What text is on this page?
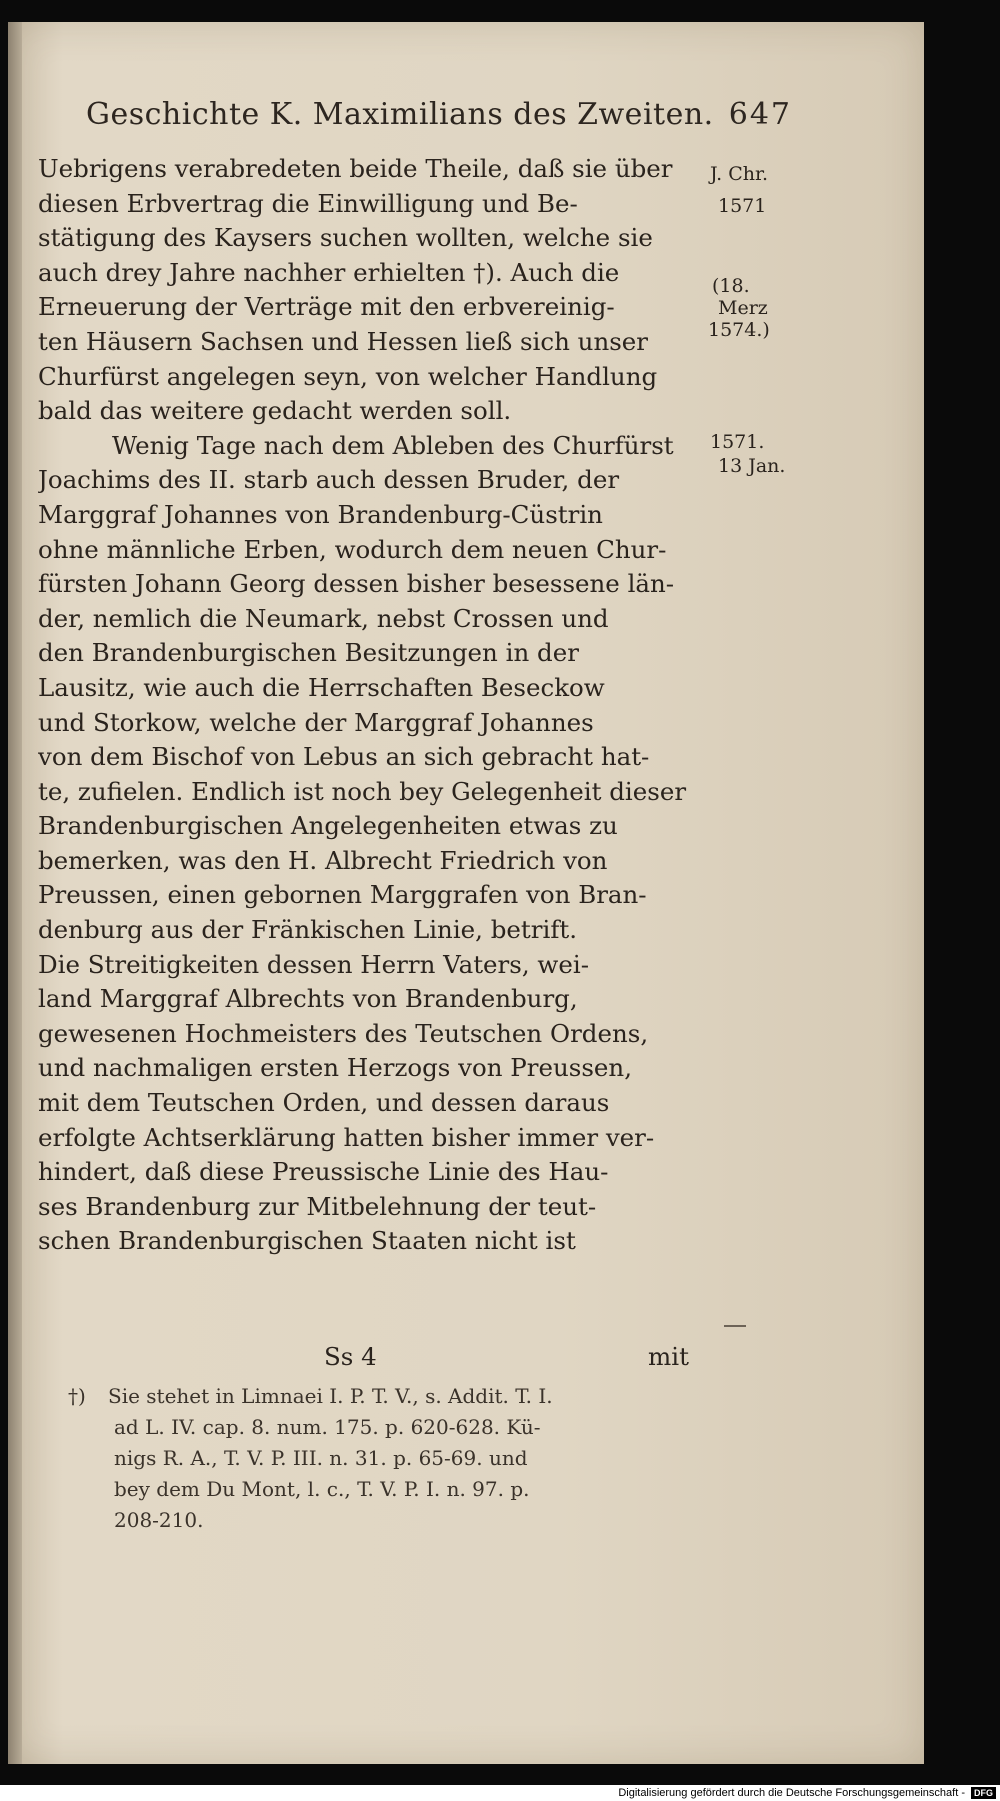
Geschichte K. Maximilians des Zweiten. 647
Uebrigens verabredeten beide Theile, daß sie über
diesen Erbvertrag die Einwilligung und Be-
stätigung des Kaysers suchen wollten, welche sie
auch drey Jahre nachher erhielten †). Auch die
Erneuerung der Verträge mit den erbvereinig-
ten Häusern Sachsen und Hessen ließ sich unser
Churfürst angelegen seyn, von welcher Handlung
bald das weitere gedacht werden soll.
Wenig Tage nach dem Ableben des Churfürst
Joachims des II. starb auch dessen Bruder, der
Marggraf Johannes von Brandenburg-Cüstrin
ohne männliche Erben, wodurch dem neuen Chur-
fürsten Johann Georg dessen bisher besessene län-
der, nemlich die Neumark, nebst Crossen und
den Brandenburgischen Besitzungen in der
Lausitz, wie auch die Herrschaften Beseckow
und Storkow, welche der Marggraf Johannes
von dem Bischof von Lebus an sich gebracht hat-
te, zufielen. Endlich ist noch bey Gelegenheit dieser
Brandenburgischen Angelegenheiten etwas zu
bemerken, was den H. Albrecht Friedrich von
Preussen, einen gebornen Marggrafen von Bran-
denburg aus der Fränkischen Linie, betrift.
Die Streitigkeiten dessen Herrn Vaters, wei-
land Marggraf Albrechts von Brandenburg,
gewesenen Hochmeisters des Teutschen Ordens,
und nachmaligen ersten Herzogs von Preussen,
mit dem Teutschen Orden, und dessen daraus
erfolgte Achtserklärung hatten bisher immer ver-
hindert, daß diese Preussische Linie des Hau-
ses Brandenburg zur Mitbelehnung der teut-
schen Brandenburgischen Staaten nicht ist
J. Chr.
1571
(18.
Merz
1574.)
1571.
13 Jan.
Ss 4	mit
†) Sie stehet in Limnaei I. P. T. V., s. Addit. T. I.
ad L. IV. cap. 8. num. 175. p. 620-628. Kü-
nigs R. A., T. V. P. III. n. 31. p. 65-69. und
bey dem Du Mont, l. c., T. V. P. I. n. 97. p.
208-210.
Digitalisierung gefördert durch die Deutsche Forschungsgemeinschaft - DFG
